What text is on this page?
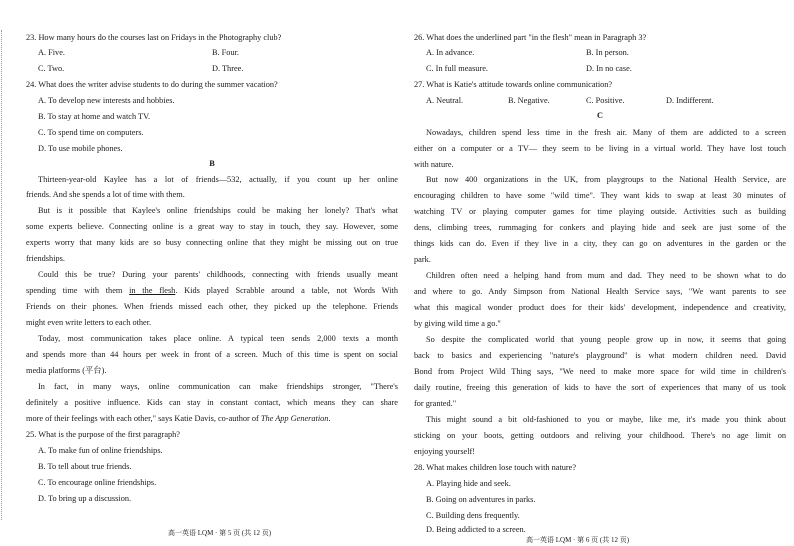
23. How many hours do the courses last on Fridays in the Photography club?
A. Five.	B. Four.
C. Two.	D. Three.
24. What does the writer advise students to do during the summer vacation?
A. To develop new interests and hobbies.
B. To stay at home and watch TV.
C. To spend time on computers.
D. To use mobile phones.
B
Thirteen-year-old Kaylee has a lot of friends—532, actually, if you count up her online
friends. And she spends a lot of time with them.
But is it possible that Kaylee's online friendships could be making her lonely? That's what
some experts believe. Connecting online is a great way to stay in touch, they say. However, some
experts worry that many kids are so busy connecting online that they might be missing out on true
friendships.
Could this be true? During your parents' childhoods, connecting with friends usually meant
spending time with them in the flesh. Kids played Scrabble around a table, not Words With
Friends on their phones. When friends missed each other, they picked up the telephone. Friends
might even write letters to each other.
Today, most communication takes place online. A typical teen sends 2,000 texts a month
and spends more than 44 hours per week in front of a screen. Much of this time is spent on social
media platforms (平台).
In fact, in many ways, online communication can make friendships stronger, "There's
definitely a positive influence. Kids can stay in constant contact, which means they can share
more of their feelings with each other," says Katie Davis, co-author of The App Generation.
25. What is the purpose of the first paragraph?
A. To make fun of online friendships.
B. To tell about true friends.
C. To encourage online friendships.
D. To bring up a discussion.
高一英语 LQM · 第 5 页 (共 12 页)
26. What does the underlined part "in the flesh" mean in Paragraph 3?
A. In advance.	B. In person.
C. In full measure.	D. In no case.
27. What is Katie's attitude towards online communication?
A. Neutral.	B. Negative.	C. Positive.	D. Indifferent.
C
Nowadays, children spend less time in the fresh air. Many of them are addicted to a screen
either on a computer or a TV— they seem to be living in a virtual world. They have lost touch
with nature.
But now 400 organizations in the UK, from playgroups to the National Health Service, are
encouraging children to have some "wild time". They want kids to swap at least 30 minutes of
watching TV or playing computer games for time playing outside. Activities such as building
dens, climbing trees, rummaging for conkers and playing hide and seek are just some of the
things kids can do. Even if they live in a city, they can go on adventures in the garden or the
park.
Children often need a helping hand from mum and dad. They need to be shown what to do
and where to go. Andy Simpson from National Health Service says, "We want parents to see
what this magical wonder product does for their kids' development, independence and creativity,
by giving wild time a go."
So despite the complicated world that young people grow up in now, it seems that going
back to basics and experiencing "nature's playground" is what modern children need. David
Bond from Project Wild Thing says, "We need to make more space for wild time in children's
daily routine, freeing this generation of kids to have the sort of experiences that many of us took
for granted."
This might sound a bit old-fashioned to you or maybe, like me, it's made you think about
sticking on your boots, getting outdoors and reliving your childhood. There's no age limit on
enjoying yourself!
28. What makes children lose touch with nature?
A. Playing hide and seek.
B. Going on adventures in parks.
C. Building dens frequently.
D. Being addicted to a screen.
高一英语 LQM · 第 6 页 (共 12 页)
